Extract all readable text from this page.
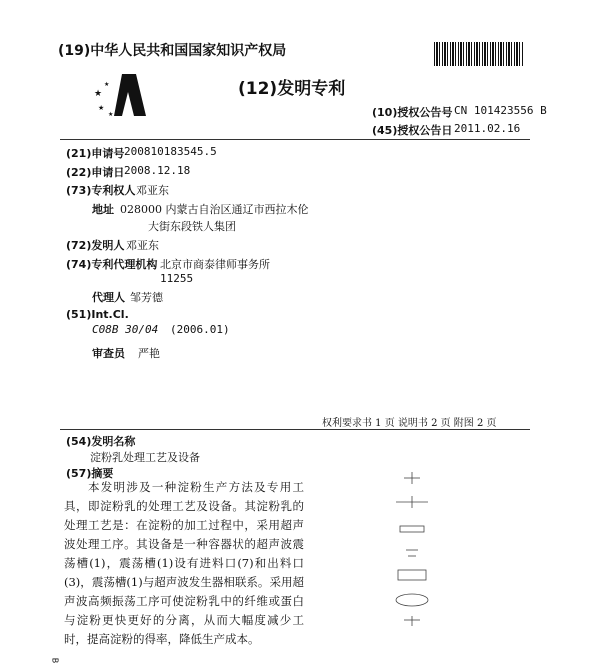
(19)中华人民共和国国家知识产权局
★
★
★
★
(12)发明专利
(10)授权公告号 CN 101423556 B
(45)授权公告日 2011.02.16
(21)申请号 200810183545.5
(22)申请日 2008.12.18
(73)专利权人 邓亚东
地址 028000 内蒙古自治区通辽市西拉木伦
大街东段铁人集团
(72)发明人 邓亚东
(74)专利代理机构 北京市商泰律师事务所
11255
代理人 邹芳德
(51)Int.Cl.
C08B 30/04 (2006.01)
审查员 严艳
权利要求书 1 页 说明书 2 页 附图 2 页
(54)发明名称
淀粉乳处理工艺及设备
(57)摘要
本发明涉及一种淀粉生产方法及专用工具，即淀粉乳的处理工艺及设备。其淀粉乳的处理工艺是：在淀粉的加工过程中，采用超声波处理工序。其设备是一种容器状的超声波震荡槽(1)，震荡槽(1)设有进料口(7)和出料口(3)，震荡槽(1)与超声波发生器相联系。采用超声波高频振荡工序可使淀粉乳中的纤维或蛋白与淀粉更快更好的分离，从而大幅度减少工时，提高淀粉的得率，降低生产成本。
B
